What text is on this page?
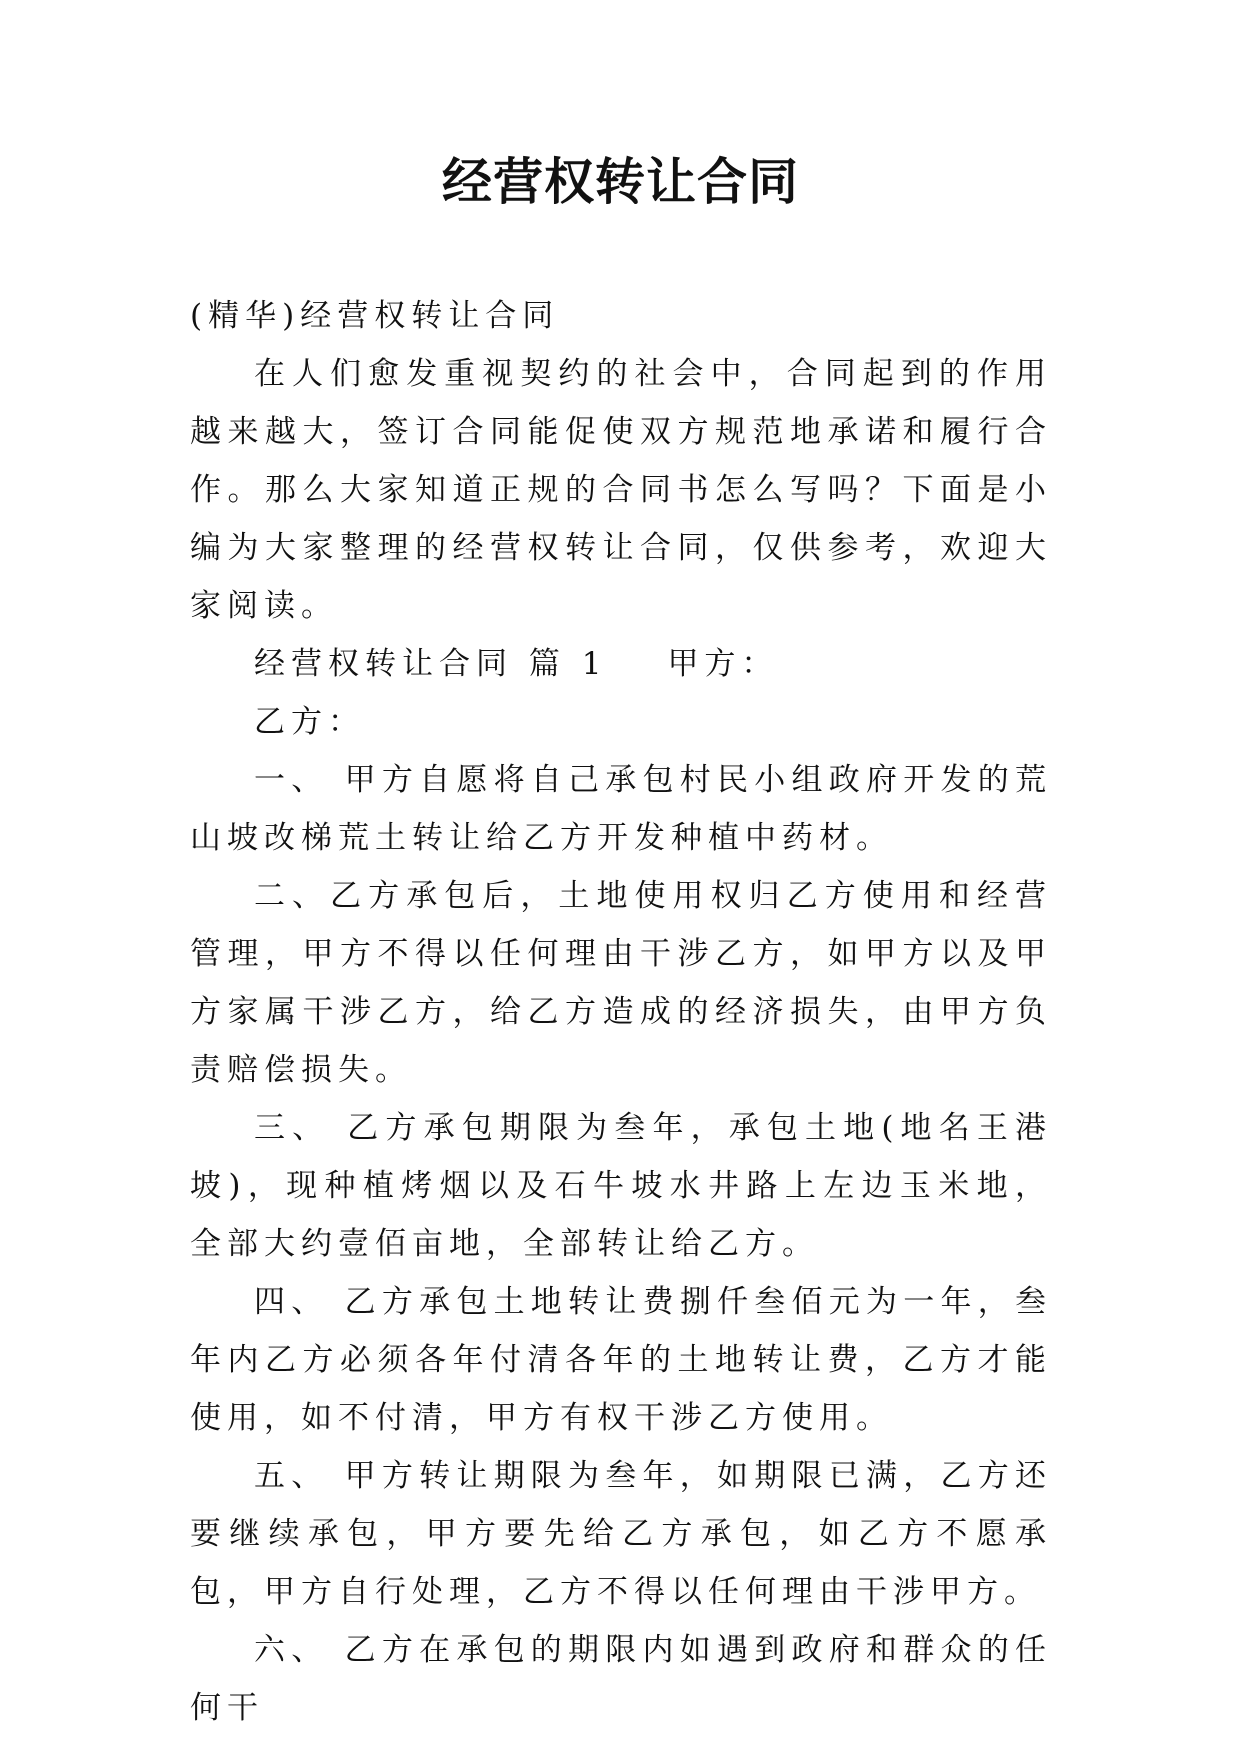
经营权转让合同

(精华)经营权转让合同

在人们愈发重视契约的社会中，合同起到的作用越来越大，签订合同能促使双方规范地承诺和履行合作。那么大家知道正规的合同书怎么写吗？下面是小编为大家整理的经营权转让合同，仅供参考，欢迎大家阅读。

经营权转让合同 篇 1 甲方：

乙方：

一、 甲方自愿将自己承包村民小组政府开发的荒山坡改梯荒土转让给乙方开发种植中药材。

二、乙方承包后，土地使用权归乙方使用和经营管理，甲方不得以任何理由干涉乙方，如甲方以及甲方家属干涉乙方，给乙方造成的经济损失，由甲方负责赔偿损失。

三、 乙方承包期限为叁年，承包土地(地名王港坡)，现种植烤烟以及石牛坡水井路上左边玉米地，全部大约壹佰亩地，全部转让给乙方。

四、 乙方承包土地转让费捌仟叁佰元为一年，叁年内乙方必须各年付清各年的土地转让费，乙方才能使用，如不付清，甲方有权干涉乙方使用。

五、 甲方转让期限为叁年，如期限已满，乙方还要继续承包，甲方要先给乙方承包，如乙方不愿承包，甲方自行处理，乙方不得以任何理由干涉甲方。

六、 乙方在承包的期限内如遇到政府和群众的任何干
